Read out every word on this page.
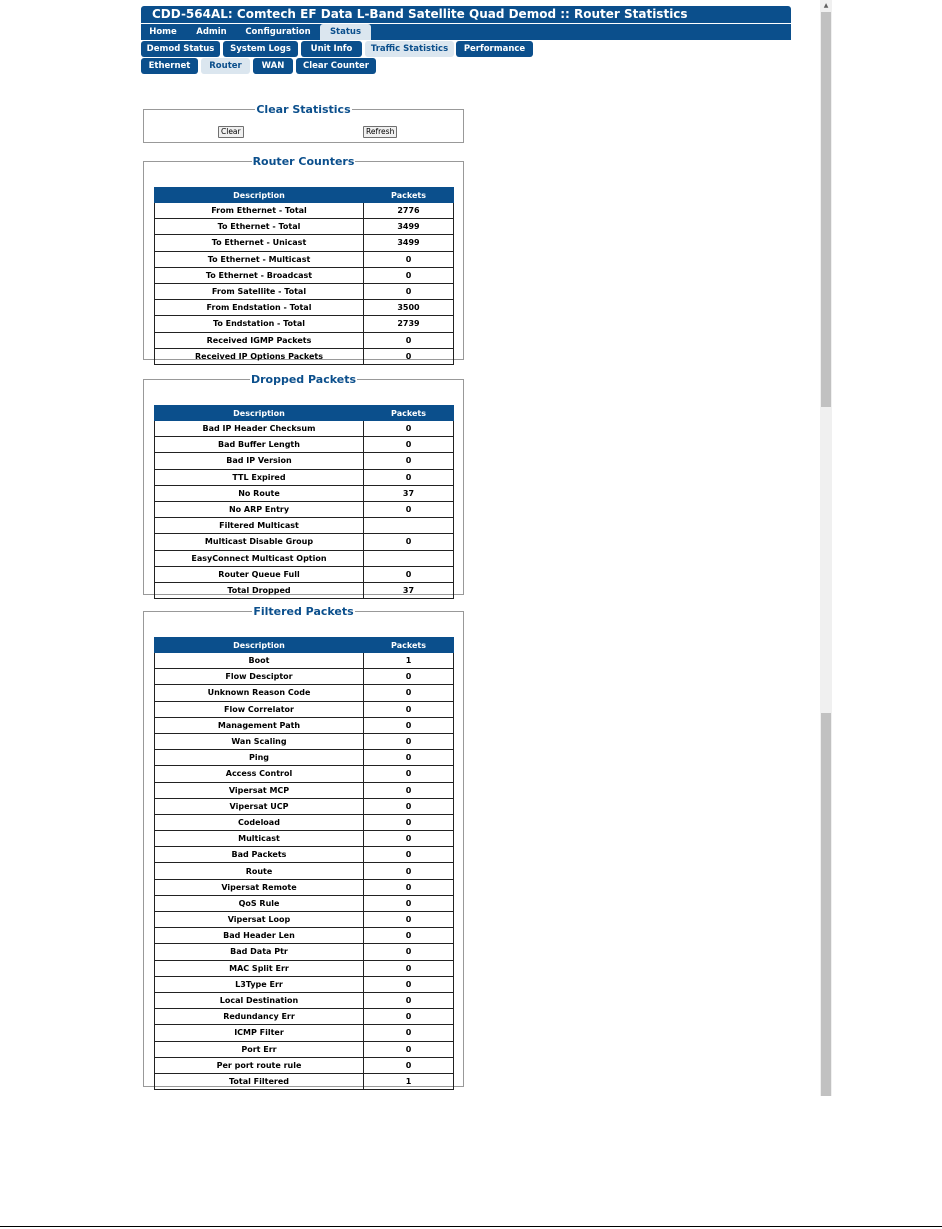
CDD-564AL: Comtech EF Data L-Band Satellite Quad Demod :: Router Statistics
Home	Admin	Configuration	Status
Demod Status	System Logs	Unit Info	Traffic Statistics	Performance
Ethernet	Router	WAN	Clear Counter
Clear Statistics
Clear	Refresh
Router Counters
Description	Packets
From Ethernet - Total	2776
To Ethernet - Total	3499
To Ethernet - Unicast	3499
To Ethernet - Multicast	0
To Ethernet - Broadcast	0
From Satellite - Total	0
From Endstation - Total	3500
To Endstation - Total	2739
Received IGMP Packets	0
Received IP Options Packets	0
Dropped Packets
Description	Packets
Bad IP Header Checksum	0
Bad Buffer Length	0
Bad IP Version	0
TTL Expired	0
No Route	37
No ARP Entry	0
Filtered Multicast	
Multicast Disable Group	0
EasyConnect Multicast Option	
Router Queue Full	0
Total Dropped	37
Filtered Packets
Description	Packets
Boot	1
Flow Desciptor	0
Unknown Reason Code	0
Flow Correlator	0
Management Path	0
Wan Scaling	0
Ping	0
Access Control	0
Vipersat MCP	0
Vipersat UCP	0
Codeload	0
Multicast	0
Bad Packets	0
Route	0
Vipersat Remote	0
QoS Rule	0
Vipersat Loop	0
Bad Header Len	0
Bad Data Ptr	0
MAC Split Err	0
L3Type Err	0
Local Destination	0
Redundancy Err	0
ICMP Filter	0
Port Err	0
Per port route rule	0
Total Filtered	1
▲
